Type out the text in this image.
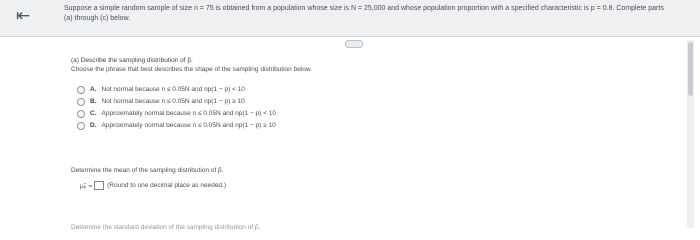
⇤	Suppose a simple random sample of size n = 75 is obtained from a population whose size is N = 25,000 and whose population proportion with a specified characteristic is p = 0.8. Complete parts (a) through (c) below.

(a) Describe the sampling distribution of p̂.

Choose the phrase that best describes the shape of the sampling distribution below.

A. Not normal because n ≤ 0.05N and np(1 − p) < 10
B. Not normal because n ≤ 0.05N and np(1 − p) ≥ 10
C. Approximately normal because n ≤ 0.05N and np(1 − p) < 10
D. Approximately normal because n ≤ 0.05N and np(1 − p) ≥ 10
Determine the mean of the sampling distribution of p̂.
μₚ̂ = (Round to one decimal place as needed.)
Determine the standard deviation of the sampling distribution of p̂.
